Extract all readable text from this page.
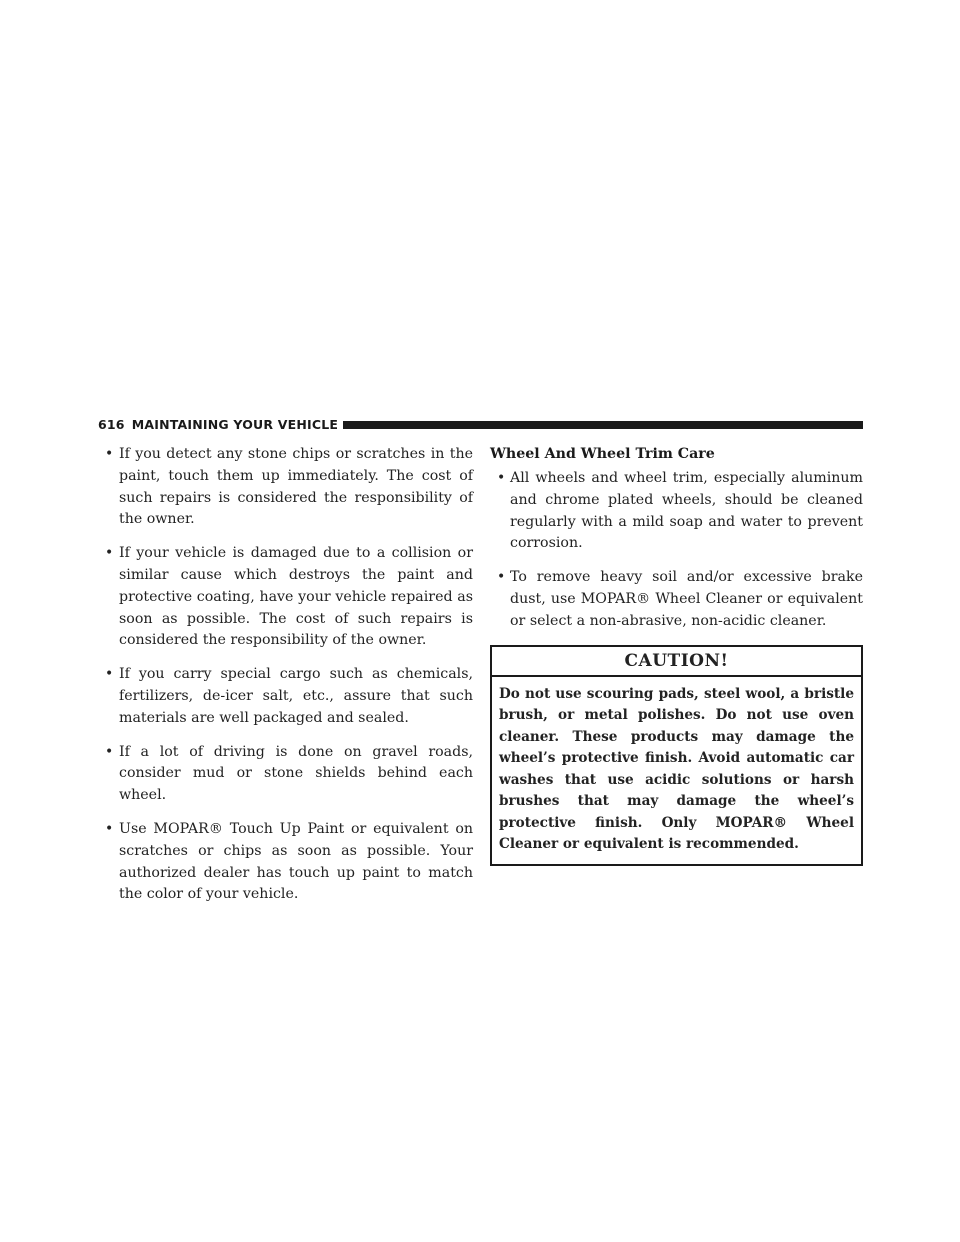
616 MAINTAINING YOUR VEHICLE
• If you detect any stone chips or scratches in the paint, touch them up immediately. The cost of such repairs is considered the responsibility of the owner.
• If your vehicle is damaged due to a collision or similar cause which destroys the paint and protective coating, have your vehicle repaired as soon as possible. The cost of such repairs is considered the responsibility of the owner.
• If you carry special cargo such as chemicals, fertilizers, de-icer salt, etc., assure that such materials are well packaged and sealed.
• If a lot of driving is done on gravel roads, consider mud or stone shields behind each wheel.
• Use MOPAR® Touch Up Paint or equivalent on scratches or chips as soon as possible. Your authorized dealer has touch up paint to match the color of your vehicle.
Wheel And Wheel Trim Care
• All wheels and wheel trim, especially aluminum and chrome plated wheels, should be cleaned regularly with a mild soap and water to prevent corrosion.
• To remove heavy soil and/or excessive brake dust, use MOPAR® Wheel Cleaner or equivalent or select a non-abrasive, non-acidic cleaner.
CAUTION!
Do not use scouring pads, steel wool, a bristle brush, or metal polishes. Do not use oven cleaner. These products may damage the wheel’s protective finish. Avoid automatic car washes that use acidic solutions or harsh brushes that may damage the wheel’s protective finish. Only MOPAR® Wheel Cleaner or equivalent is recommended.
